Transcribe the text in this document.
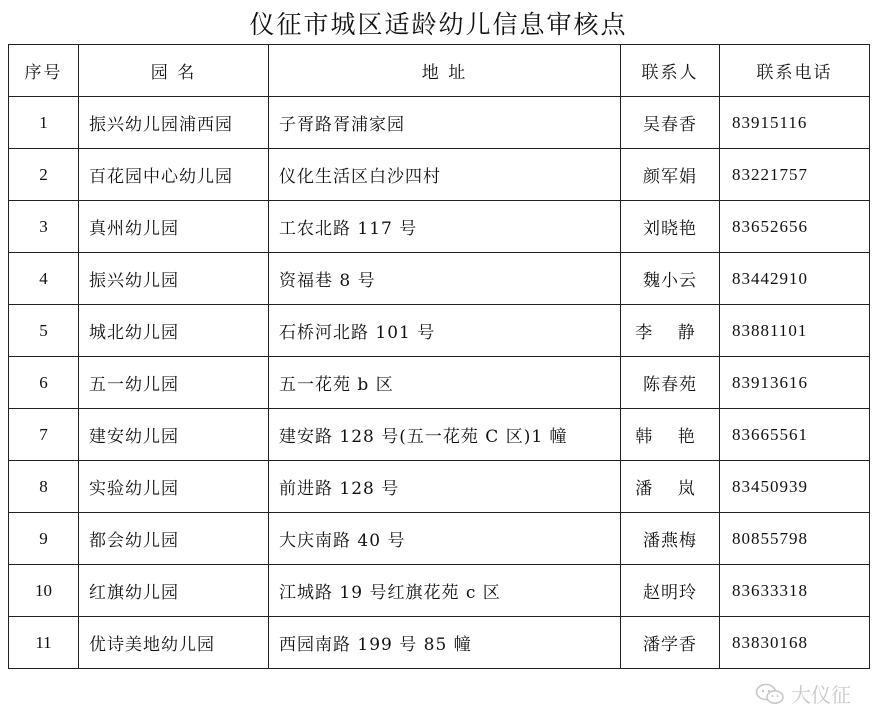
仪征市城区适龄幼儿信息审核点
序号	园 名	地 址	联系人	联系电话
1	振兴幼儿园浦西园	子胥路胥浦家园	吴春香	83915116
2	百花园中心幼儿园	仪化生活区白沙四村	颜军娟	83221757
3	真州幼儿园	工农北路 117 号	刘晓艳	83652656
4	振兴幼儿园	资福巷 8 号	魏小云	83442910
5	城北幼儿园	石桥河北路 101 号	李 静	83881101
6	五一幼儿园	五一花苑 b 区	陈春苑	83913616
7	建安幼儿园	建安路 128 号(五一花苑 C 区)1 幢	韩 艳	83665561
8	实验幼儿园	前进路 128 号	潘 岚	83450939
9	都会幼儿园	大庆南路 40 号	潘燕梅	80855798
10	红旗幼儿园	江城路 19 号红旗花苑 c 区	赵明玲	83633318
11	优诗美地幼儿园	西园南路 199 号 85 幢	潘学香	83830168
大仪征
